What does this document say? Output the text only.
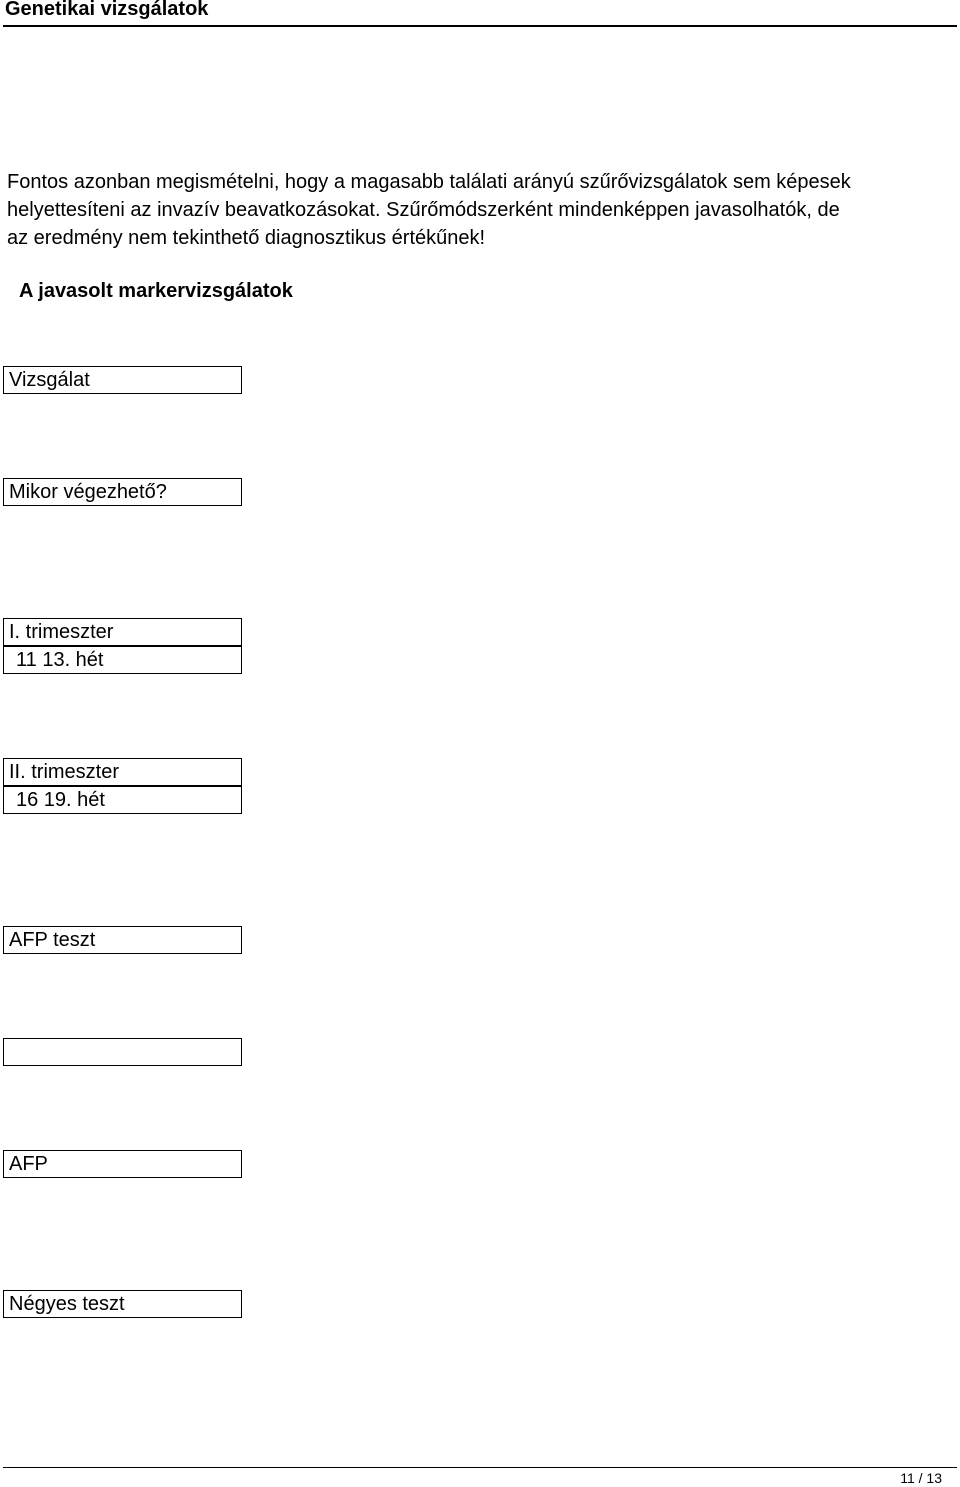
Genetikai vizsgálatok
Fontos azonban megismételni, hogy a magasabb találati arányú szűrővizsgálatok sem képesek
helyettesíteni az invazív beavatkozásokat. Szűrőmódszerként mindenképpen javasolhatók, de
az eredmény nem tekinthető diagnosztikus értékűnek!
A javasolt markervizsgálatok
Vizsgálat
Mikor végezhető?
I. trimeszter
11 13. hét
II. trimeszter
16 19. hét
AFP teszt
AFP
Négyes teszt
11 / 13
